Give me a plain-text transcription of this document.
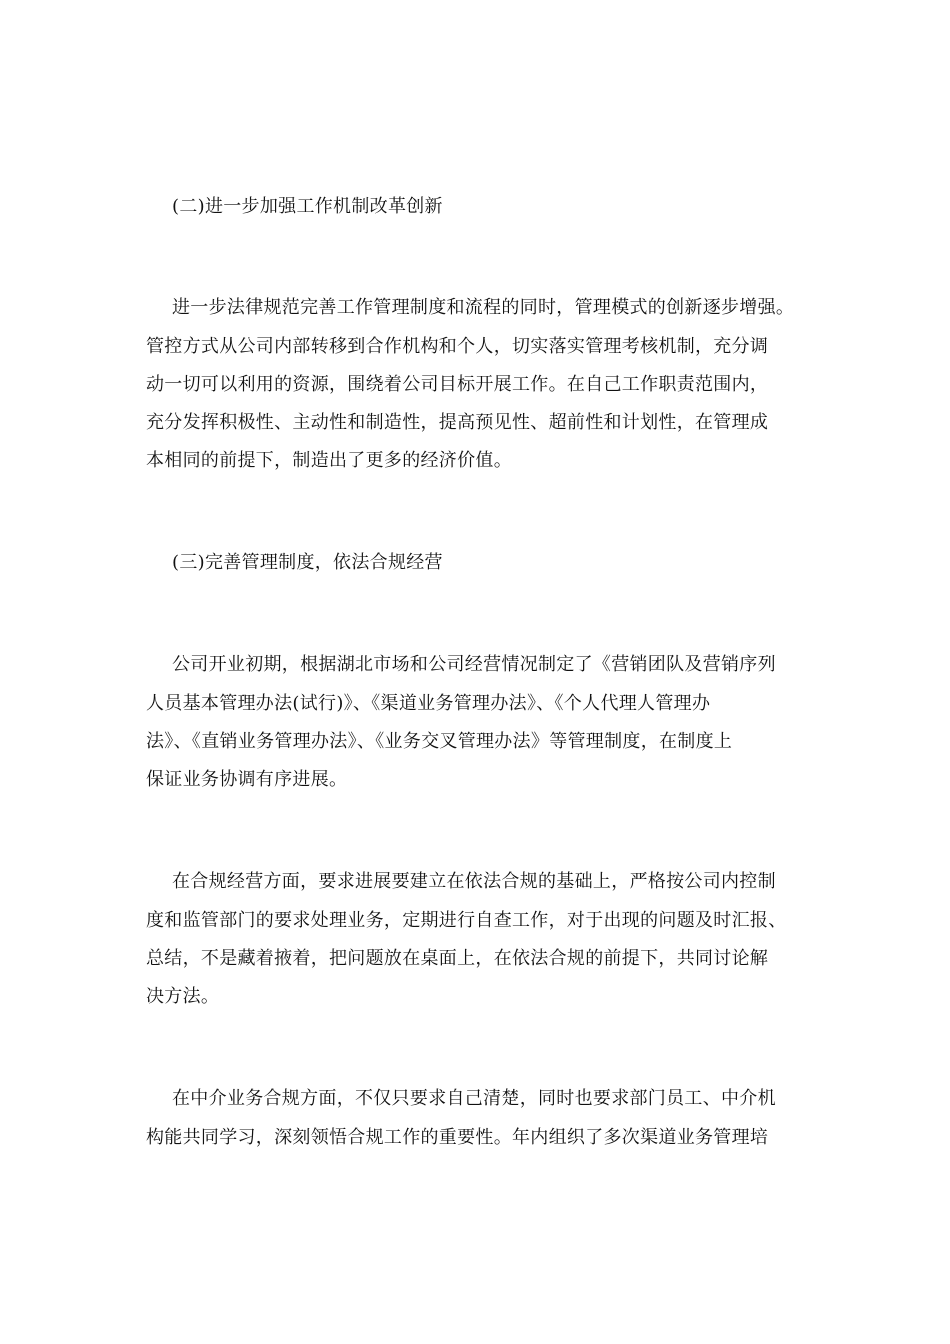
(二)进一步加强工作机制改革创新

进一步法律规范完善工作管理制度和流程的同时，管理模式的创新逐步增强。

管控方式从公司内部转移到合作机构和个人，切实落实管理考核机制，充分调

动一切可以利用的资源，围绕着公司目标开展工作。在自己工作职责范围内，

充分发挥积极性、主动性和制造性，提高预见性、超前性和计划性，在管理成

本相同的前提下，制造出了更多的经济价值。

(三)完善管理制度，依法合规经营

公司开业初期，根据湖北市场和公司经营情况制定了《营销团队及营销序列

人员基本管理办法(试行)》、《渠道业务管理办法》、《个人代理人管理办

法》、《直销业务管理办法》、《业务交叉管理办法》等管理制度，在制度上

保证业务协调有序进展。

在合规经营方面，要求进展要建立在依法合规的基础上，严格按公司内控制

度和监管部门的要求处理业务，定期进行自查工作，对于出现的问题及时汇报、

总结，不是藏着掖着，把问题放在桌面上，在依法合规的前提下，共同讨论解

决方法。

在中介业务合规方面，不仅只要求自己清楚，同时也要求部门员工、中介机

构能共同学习，深刻领悟合规工作的重要性。年内组织了多次渠道业务管理培
